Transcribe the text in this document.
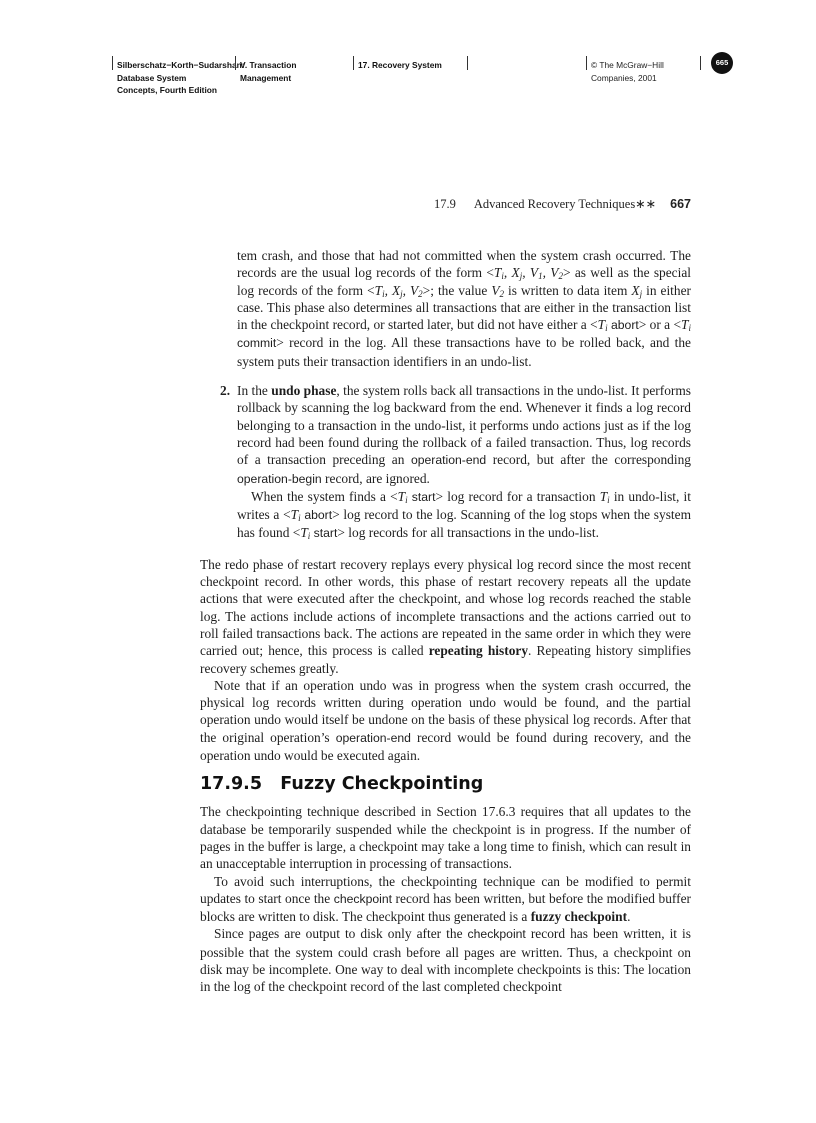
Silberschatz−Korth−Sudarshan:
Database System
Concepts, Fourth Edition
V. Transaction
Management
17. Recovery System	© The McGraw−Hill
Companies, 2001
665
17.9 Advanced Recovery Techniques∗∗ 667

tem crash, and those that had not committed when the system crash occurred. The records are the usual log records of the form $<T_i$, $X_j$, $V_1$, $V_2>$ as well as the special log records of the form $<T_i$, $X_j$, $V_2>$; the value $V_2$ is written to data item $X_j$ in either case. This phase also determines all transactions that are either in the transaction list in the checkpoint record, or started later, but did not have either $a <T_i$ abort> or $a <T_i$ commit> record in the log. All these transactions have to be rolled back, and the system puts their transaction identifiers in an undo-list.

2. In the undo phase, the system rolls back all transactions in the undo-list. It performs rollback by scanning the log backward from the end. Whenever it finds a log record belonging to a transaction in the undo-list, it performs undo actions just as if the log record had been found during the rollback of a failed transaction. Thus, log records of a transaction preceding an operation-end record, but after the corresponding operation-begin record, are ignored.

When the system finds $a <T_i$ start> log record for a transaction $T_i$ in undo-list, it writes $a <T_i$ abort> log record to the log. Scanning of the log stops when the system has found $<T_i$ start> log records for all transactions in the undo-list.

The redo phase of restart recovery replays every physical log record since the most recent checkpoint record. In other words, this phase of restart recovery repeats all the update actions that were executed after the checkpoint, and whose log records reached the stable log. The actions include actions of incomplete transactions and the actions carried out to roll failed transactions back. The actions are repeated in the same order in which they were carried out; hence, this process is called repeating history. Repeating history simplifies recovery schemes greatly.

Note that if an operation undo was in progress when the system crash occurred, the physical log records written during operation undo would be found, and the partial operation undo would itself be undone on the basis of these physical log records. After that the original operation’s operation-end record would be found during recovery, and the operation undo would be executed again.

17.9.5   Fuzzy Checkpointing

The checkpointing technique described in Section 17.6.3 requires that all updates to the database be temporarily suspended while the checkpoint is in progress. If the number of pages in the buffer is large, a checkpoint may take a long time to finish, which can result in an unacceptable interruption in processing of transactions.

To avoid such interruptions, the checkpointing technique can be modified to permit updates to start once the checkpoint record has been written, but before the modified buffer blocks are written to disk. The checkpoint thus generated is a fuzzy checkpoint.

Since pages are output to disk only after the checkpoint record has been written, it is possible that the system could crash before all pages are written. Thus, a checkpoint on disk may be incomplete. One way to deal with incomplete checkpoints is this: The location in the log of the checkpoint record of the last completed checkpoint
